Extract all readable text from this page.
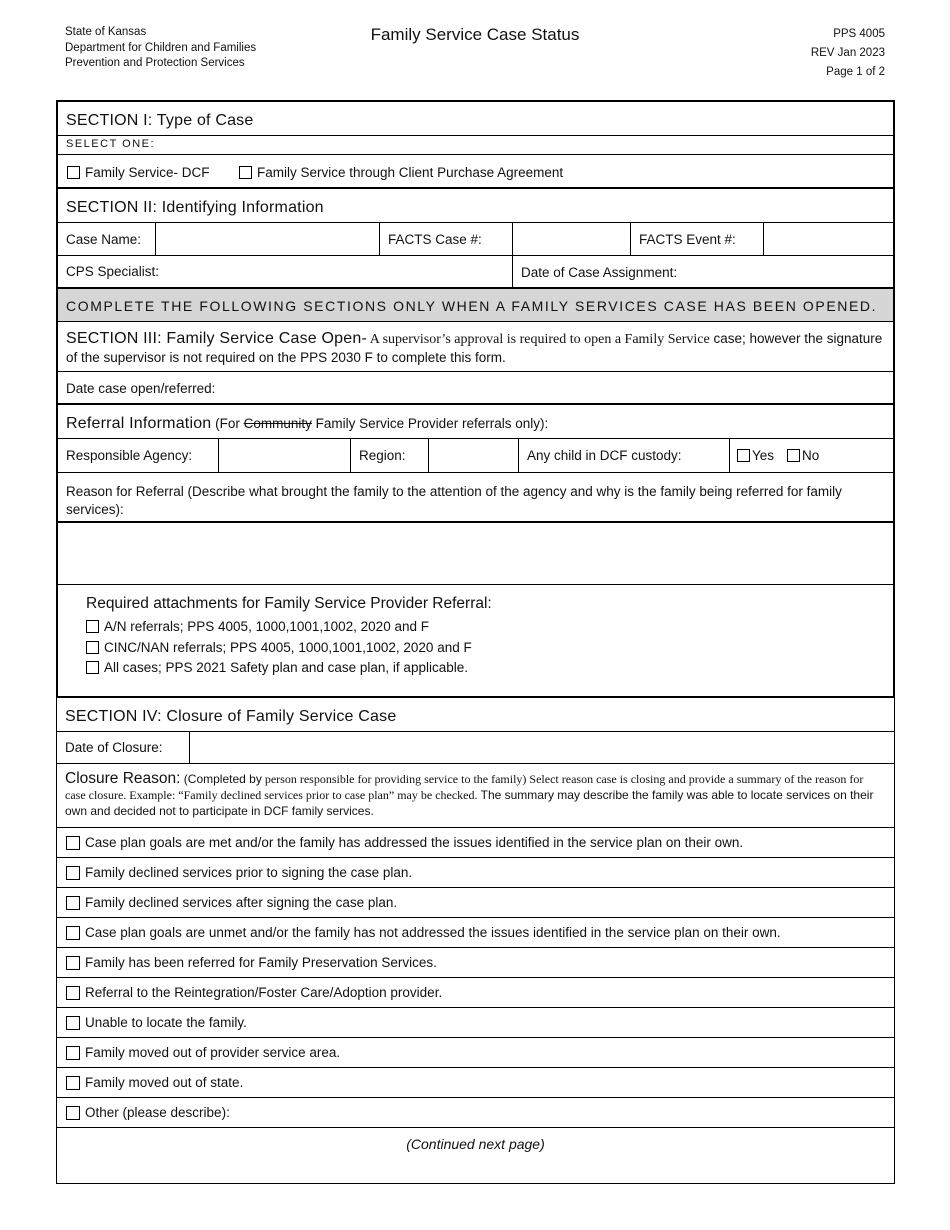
State of Kansas
Department for Children and Families
Prevention and Protection Services
Family Service Case Status	PPS 4005
REV Jan 2023
Page 1 of 2
SECTION I: Type of Case
SELECT ONE:
Family Service- DCF	Family Service through Client Purchase Agreement
SECTION II: Identifying Information
Case Name:	FACTS Case #:	FACTS Event #:
CPS Specialist:	Date of Case Assignment:
COMPLETE THE FOLLOWING SECTIONS ONLY WHEN A FAMILY SERVICES CASE HAS BEEN OPENED.
SECTION III: Family Service Case Open- A supervisor’s approval is required to open a Family Service case; however the signature of the supervisor is not required on the PPS 2030 F to complete this form.
Date case open/referred:
Referral Information (For Community Family Service Provider referrals only):
Responsible Agency:	Region:	Any child in DCF custody:	Yes No
Reason for Referral (Describe what brought the family to the attention of the agency and why is the family being referred for family services):
Required attachments for Family Service Provider Referral:
A/N referrals; PPS 4005, 1000,1001,1002, 2020 and F
CINC/NAN referrals; PPS 4005, 1000,1001,1002, 2020 and F
All cases; PPS 2021 Safety plan and case plan, if applicable.
SECTION IV: Closure of Family Service Case
Date of Closure:
Closure Reason: (Completed by person responsible for providing service to the family) Select reason case is closing and provide a summary of the reason for case closure. Example: “Family declined services prior to case plan” may be checked. The summary may describe the family was able to locate services on their own and decided not to participate in DCF family services.
Case plan goals are met and/or the family has addressed the issues identified in the service plan on their own.
Family declined services prior to signing the case plan.
Family declined services after signing the case plan.
Case plan goals are unmet and/or the family has not addressed the issues identified in the service plan on their own.
Family has been referred for Family Preservation Services.
Referral to the Reintegration/Foster Care/Adoption provider.
Unable to locate the family.
Family moved out of provider service area.
Family moved out of state.
Other (please describe):
(Continued next page)
